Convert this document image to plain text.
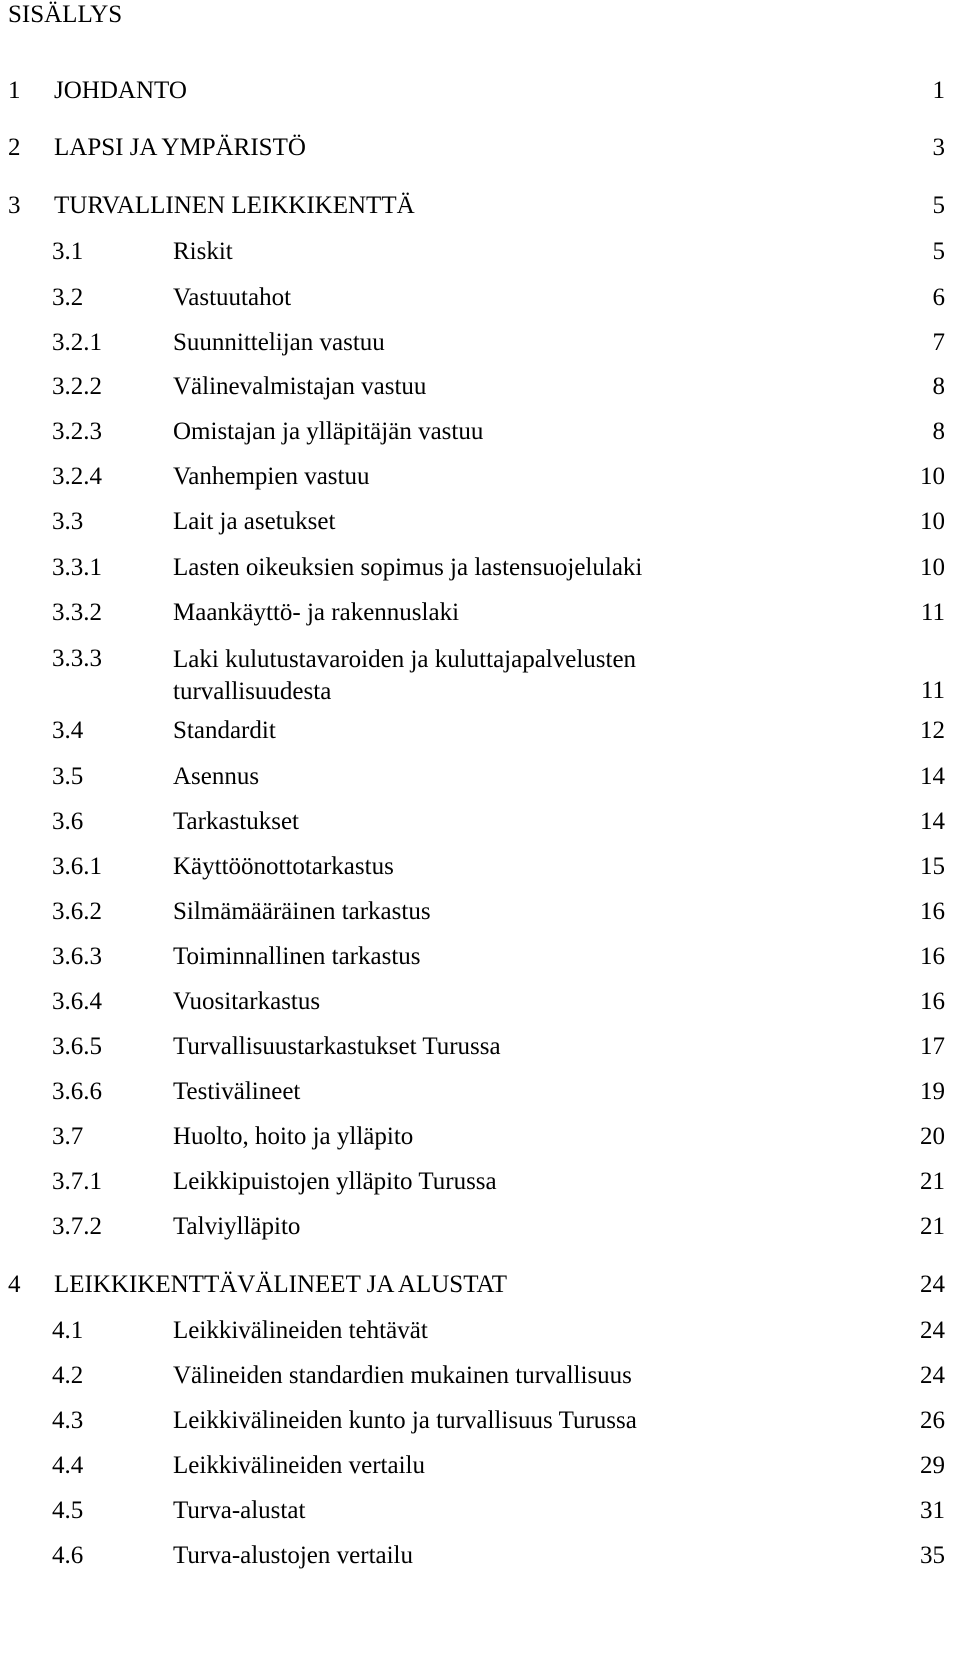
SISÄLLYS
1 JOHDANTO	1
2 LAPSI JA YMPÄRISTÖ	3
3 TURVALLINEN LEIKKIKENTTÄ	5
3.1	Riskit	5
3.2	Vastuutahot	6
3.2.1	Suunnittelijan vastuu	7
3.2.2	Välinevalmistajan vastuu	8
3.2.3	Omistajan ja ylläpitäjän vastuu	8
3.2.4	Vanhempien vastuu	10
3.3	Lait ja asetukset	10
3.3.1	Lasten oikeuksien sopimus ja lastensuojelulaki	10
3.3.2	Maankäyttö- ja rakennuslaki	11
3.3.3	Laki kulutustavaroiden ja kuluttajapalvelusten turvallisuudesta	11
3.4	Standardit	12
3.5	Asennus	14
3.6	Tarkastukset	14
3.6.1	Käyttöönottotarkastus	15
3.6.2	Silmämääräinen tarkastus	16
3.6.3	Toiminnallinen tarkastus	16
3.6.4	Vuositarkastus	16
3.6.5	Turvallisuustarkastukset Turussa	17
3.6.6	Testivälineet	19
3.7	Huolto, hoito ja ylläpito	20
3.7.1	Leikkipuistojen ylläpito Turussa	21
3.7.2	Talviylläpito	21
4 LEIKKIKENTTÄVÄLINEET JA ALUSTAT	24
4.1	Leikkivälineiden tehtävät	24
4.2	Välineiden standardien mukainen turvallisuus	24
4.3	Leikkivälineiden kunto ja turvallisuus Turussa	26
4.4	Leikkivälineiden vertailu	29
4.5	Turva-alustat	31
4.6	Turva-alustojen vertailu	35
